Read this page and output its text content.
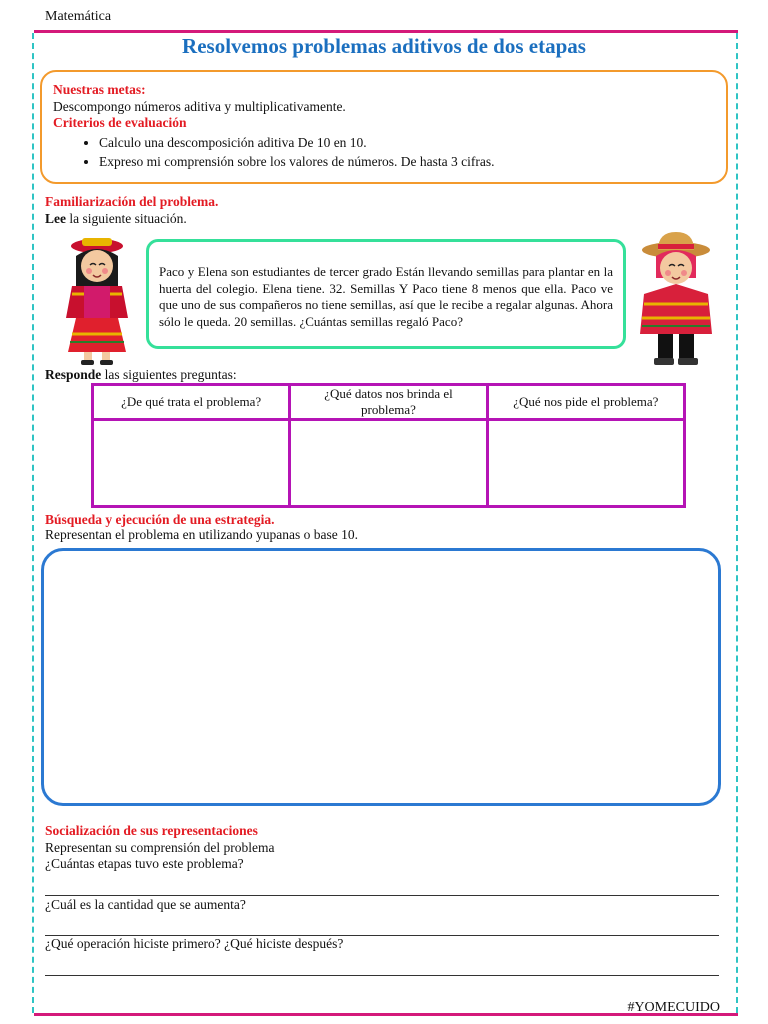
Matemática
Resolvemos problemas aditivos de dos etapas
Nuestras metas:
Descompongo números aditiva y multiplicativamente.
Criterios de evaluación
• Calculo una descomposición aditiva De 10 en 10.
• Expreso mi comprensión sobre los valores de números. De hasta 3 cifras.
Familiarización del problema.
Lee la siguiente situación.
Paco y Elena son estudiantes de tercer grado Están llevando semillas para plantar en la huerta del colegio. Elena tiene. 32. Semillas Y Paco tiene 8 menos que ella. Paco ve que uno de sus compañeros no tiene semillas, así que le recibe a regalar algunas. Ahora sólo le queda. 20 semillas. ¿Cuántas semillas regaló Paco?
Responde las siguientes preguntas:
¿De qué trata el problema?	¿Qué datos nos brinda el problema?	¿Qué nos pide el problema?

Búsqueda y ejecución de una estrategia.
Representan el problema en utilizando yupanas o base 10.
Socialización de sus representaciones
Representan su comprensión del problema
¿Cuántas etapas tuvo este problema?
¿Cuál es la cantidad que se aumenta?
¿Qué operación hiciste primero? ¿Qué hiciste después?
#YOMECUIDO
